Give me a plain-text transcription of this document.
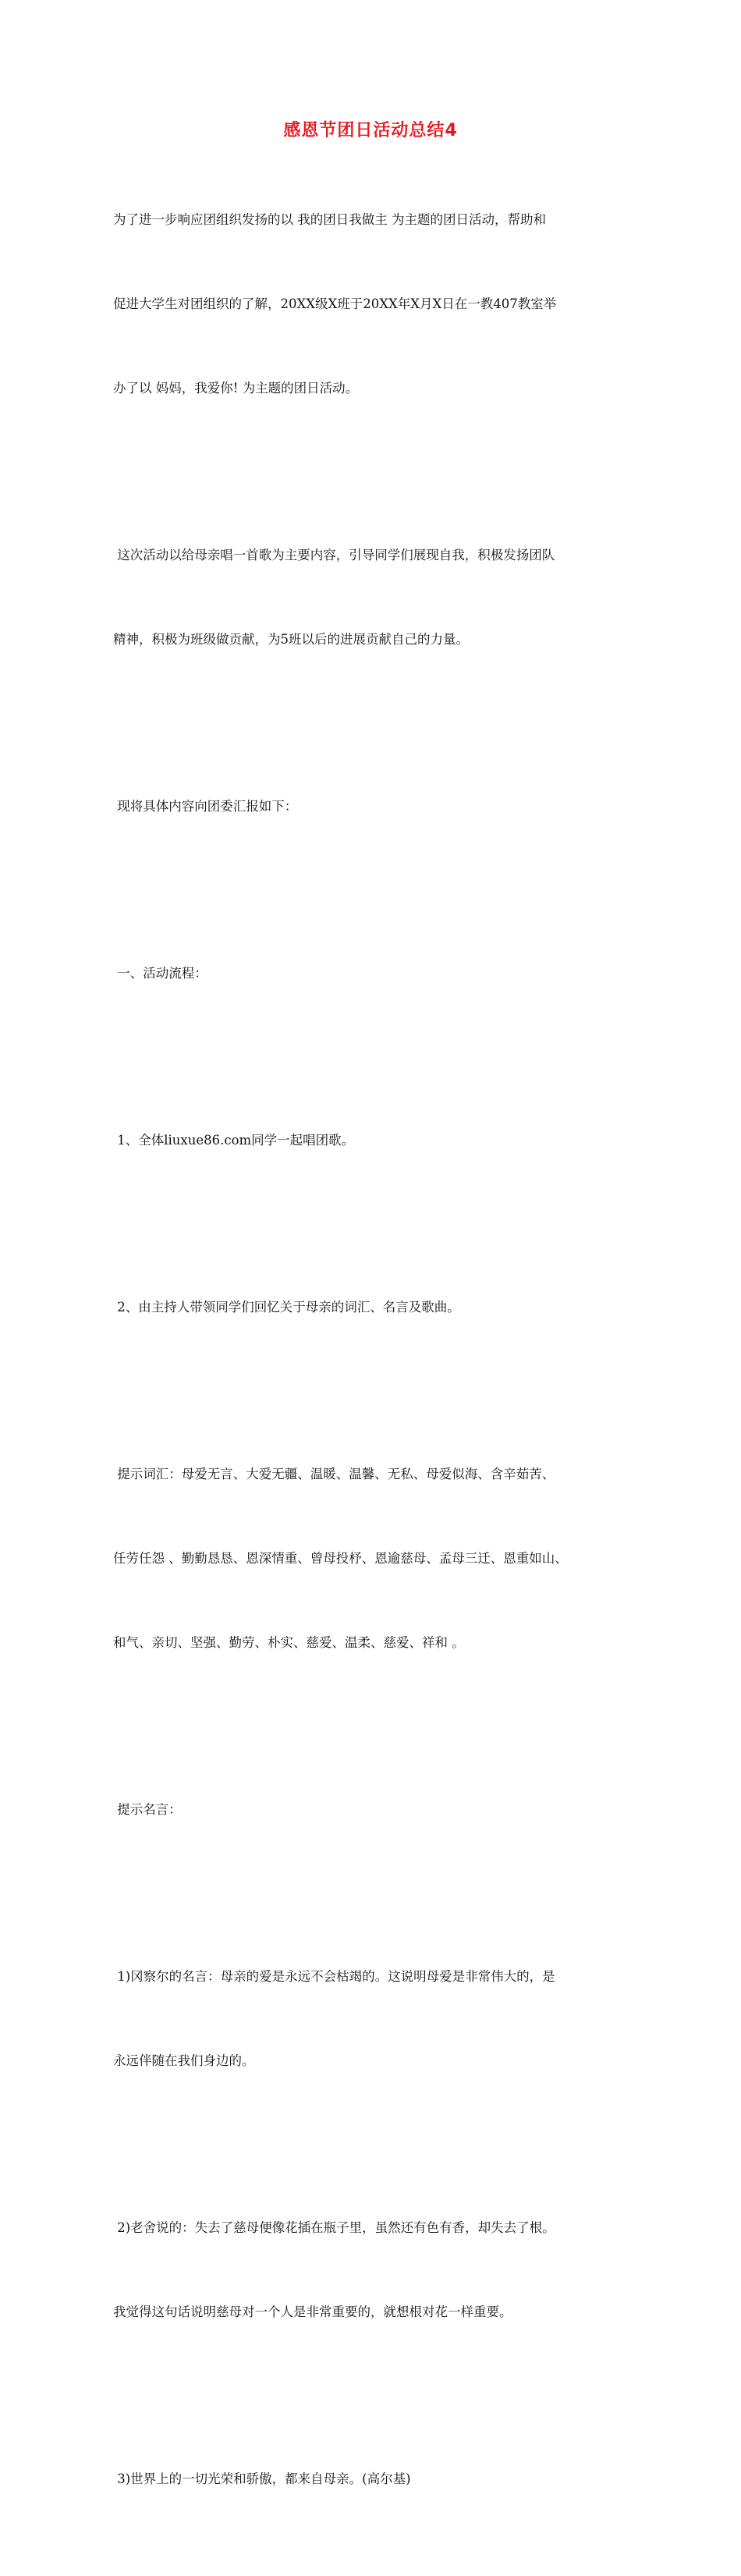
感恩节团日活动总结4

为了进一步响应团组织发扬的以 我的团日我做主 为主题的团日活动，帮助和

促进大学生对团组织的了解，20XX级X班于20XX年X月X日在一教407教室举

办了以 妈妈，我爱你! 为主题的团日活动。

这次活动以给母亲唱一首歌为主要内容，引导同学们展现自我，积极发扬团队

精神，积极为班级做贡献，为5班以后的进展贡献自己的力量。

现将具体内容向团委汇报如下：

一、活动流程：

1、全体liuxue86.com同学一起唱团歌。

2、由主持人带领同学们回忆关于母亲的词汇、名言及歌曲。

提示词汇：母爱无言、大爱无疆、温暖、温馨、无私、母爱似海、含辛茹苦、

任劳任怨 、勤勤恳恳、恩深情重、曾母投杼、恩逾慈母、孟母三迁、恩重如山、

和气、亲切、坚强、勤劳、朴实、慈爱、温柔、慈爱、祥和 。

提示名言：

1)冈察尔的名言：母亲的爱是永远不会枯竭的。这说明母爱是非常伟大的，是

永远伴随在我们身边的。

2)老舍说的：失去了慈母便像花插在瓶子里，虽然还有色有香，却失去了根。

我觉得这句话说明慈母对一个人是非常重要的，就想根对花一样重要。

3)世界上的一切光荣和骄傲，都来自母亲。(高尔基)
